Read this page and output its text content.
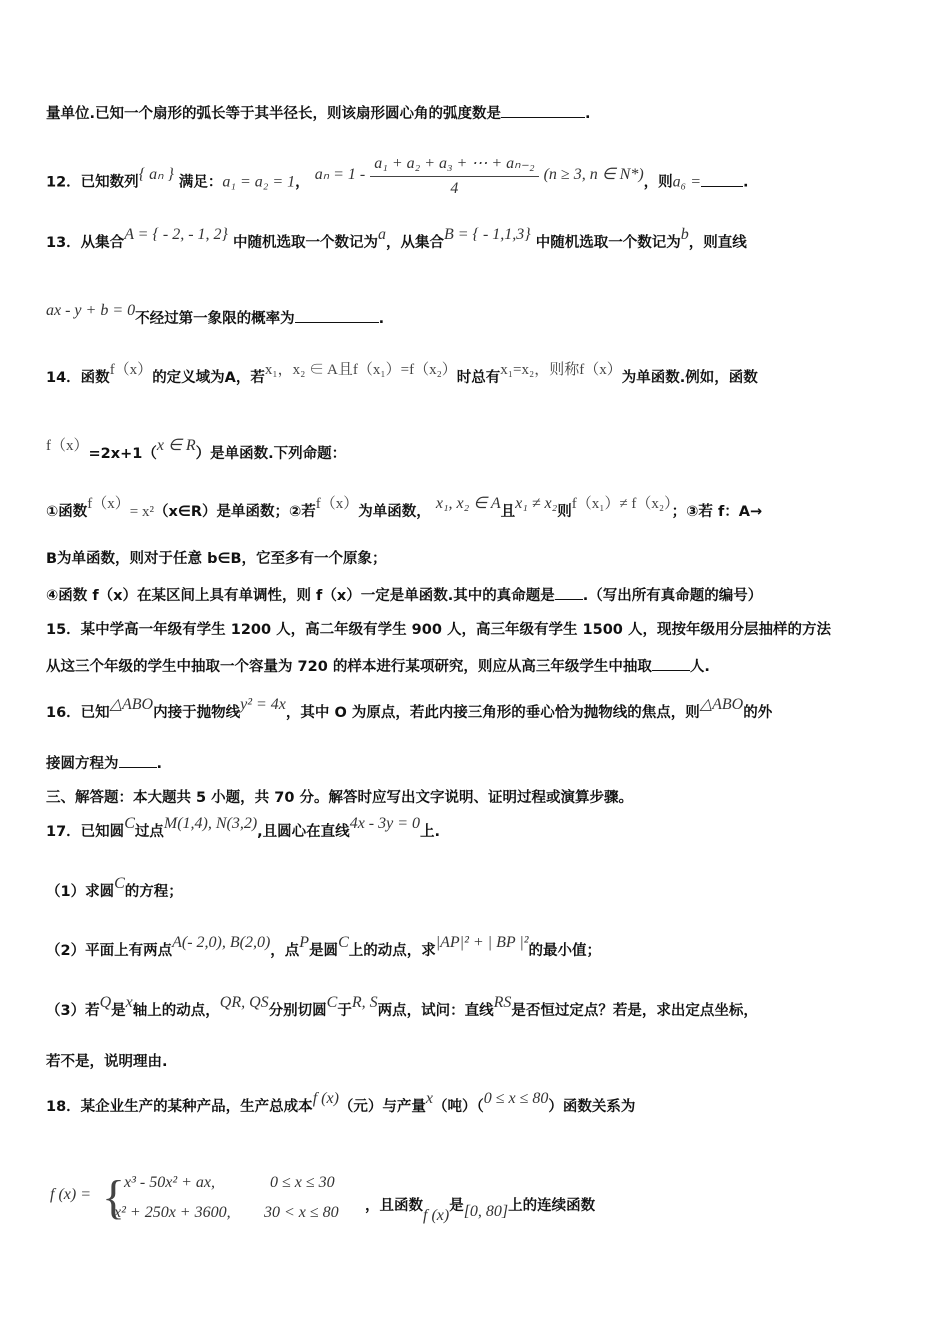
量单位.已知一个扇形的弧长等于其半径长，则该扇形圆心角的弧度数是	.
12．已知数列{ aₙ } 满足：a₁ = a₂ = 1， $a_n = 1 - \frac{\text{a₁ + a₂ + a₃ + ⋯ + aₙ₋₂}}{4} (n \ge 3$, n ∈ N*)，则a₆ =	.
13．从集合A = { - 2, - 1, 2} 中随机选取一个数记为a，从集合B = { - 1,1,3} 中随机选取一个数记为b，则直线
ax - y + b = 0不经过第一象限的概率为	.
14．函数f（x）的定义域为A，若x₁，x₂ ∈ A且f（x₁）=f（x₂）时总有x₁=x₂，则称f（x）为单函数.例如，函数
f（x）=2x+1（x ∈ R）是单函数.下列命题：
①函数f（x）= x²（x∈R）是单函数；②若f（x）为单函数， x₁, x₂ ∈ A且x₁ ≠ x₂则f（x₁）≠ f（x₂）；③若 f：A→
B为单函数，则对于任意 b∈B，它至多有一个原象；
④函数 f（x）在某区间上具有单调性，则 f（x）一定是单函数.其中的真命题是 .（写出所有真命题的编号）
15．某中学高一年级有学生 1200 人，高二年级有学生 900 人，高三年级有学生 1500 人，现按年级用分层抽样的方法
从这三个年级的学生中抽取一个容量为 720 的样本进行某项研究，则应从高三年级学生中抽取	人.
16．已知△ABO内接于抛物线y² = 4x，其中 O 为原点，若此内接三角形的垂心恰为抛物线的焦点，则△ABO的外
接圆方程为	.
三、解答题：本大题共 5 小题，共 70 分。解答时应写出文字说明、证明过程或演算步骤。
17．已知圆C过点M(1,4), N(3,2),且圆心在直线4x - 3y = 0上.
（1）求圆C的方程；
（2）平面上有两点A(- 2,0), B(2,0)，点P是圆C上的动点，求|AP|² + | BP |²的最小值；
（3）若Q是x轴上的动点，QR, QS分别切圆C于R, S两点，试问：直线RS是否恒过定点？若是，求出定点坐标，
若不是，说明理由.
18．某企业生产的某种产品，生产总成本f (x)（元）与产量x（吨）（0 ≤ x ≤ 80）函数关系为
f (x) = {
x³ - 50x² + ax,	0 ≤ x ≤ 30
x² + 250x + 3600, 30 < x ≤ 80 ，且函数f (x)是[0, 80]上的连续函数
